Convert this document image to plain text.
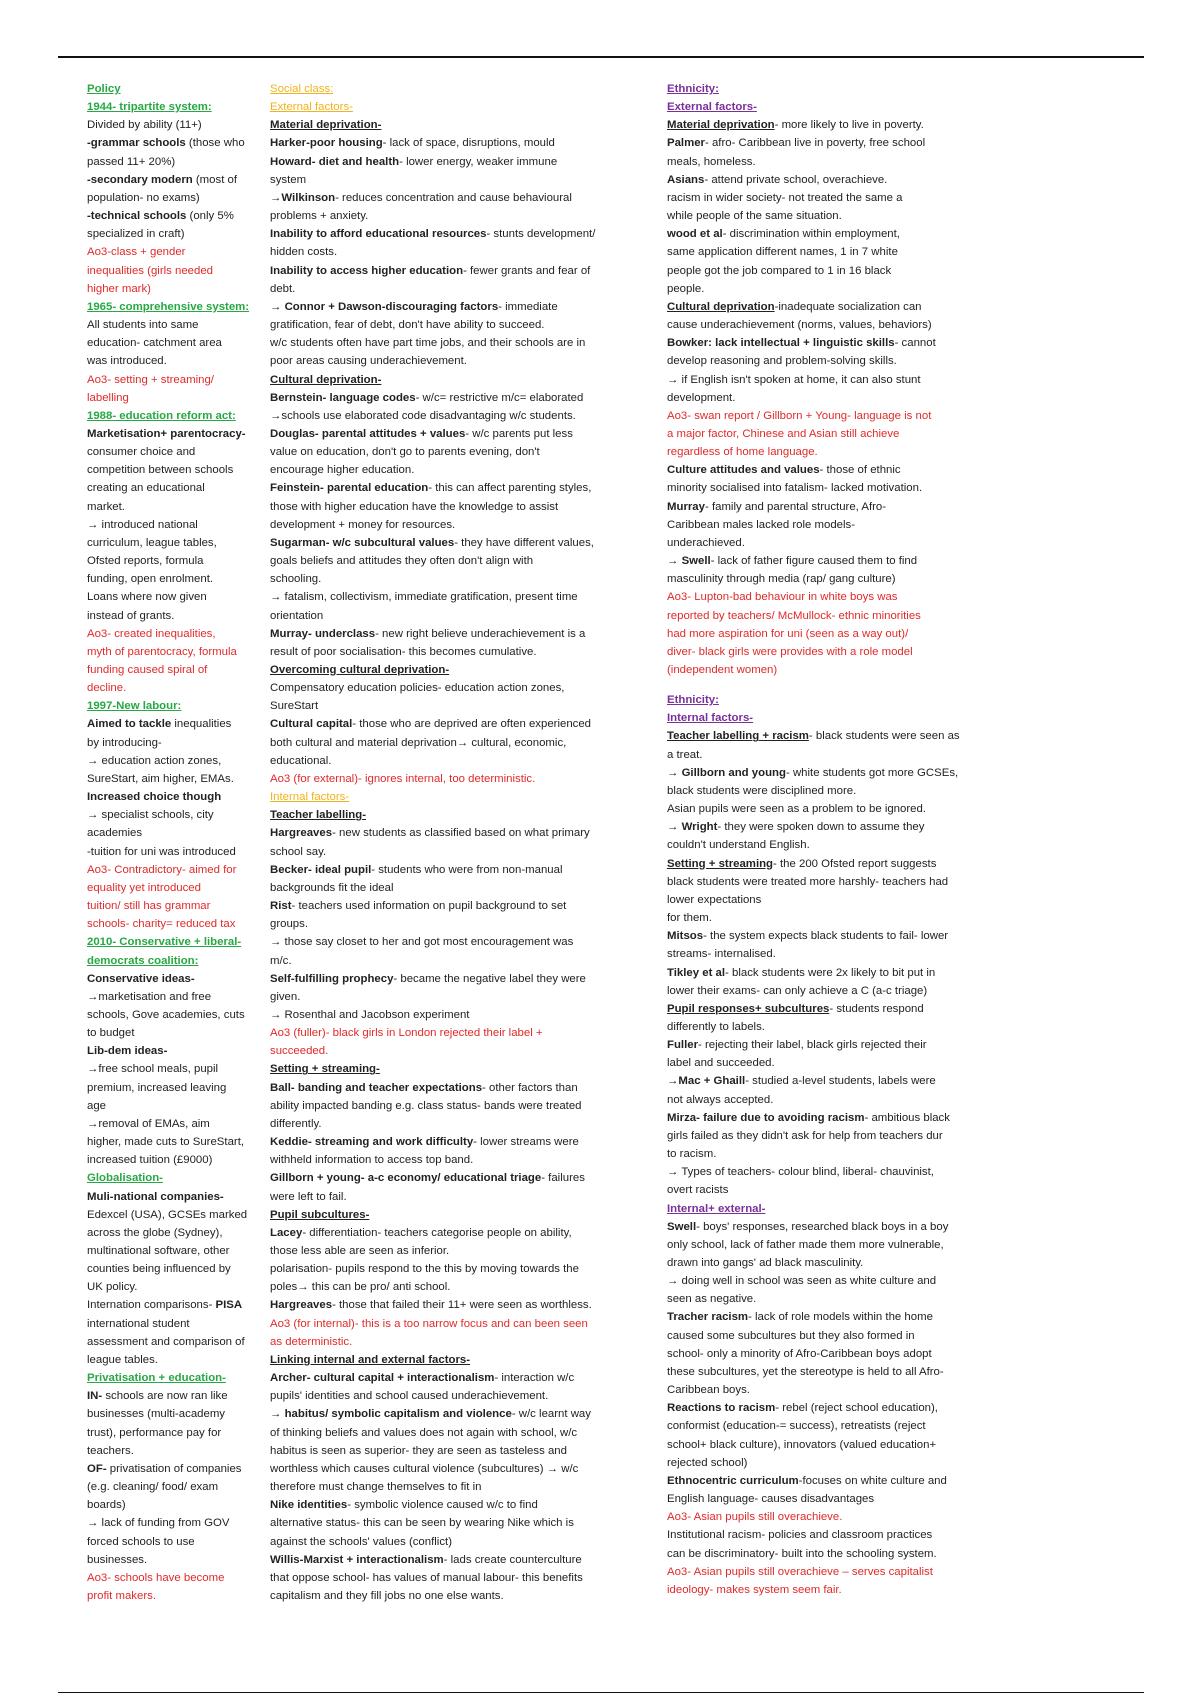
Policy
1944- tripartite system:
Divided by ability (11+)
-grammar schools (those who
passed 11+ 20%)
-secondary modern (most of
population- no exams)
-technical schools (only 5%
specialized in craft)
Ao3-class + gender
inequalities (girls needed
higher mark)
1965- comprehensive system:
All students into same
education- catchment area
was introduced.
Ao3- setting + streaming/
labelling
1988- education reform act:
Marketisation+ parentocracy-
consumer choice and
competition between schools
creating an educational
market.
→ introduced national
curriculum, league tables,
Ofsted reports, formula
funding, open enrolment.
Loans where now given
instead of grants.
Ao3- created inequalities,
myth of parentocracy, formula
funding caused spiral of
decline.
1997-New labour:
Aimed to tackle inequalities
by introducing-
→ education action zones,
SureStart, aim higher, EMAs.
Increased choice though
→ specialist schools, city
academies
-tuition for uni was introduced
Ao3- Contradictory- aimed for
equality yet introduced
tuition/ still has grammar
schools- charity= reduced tax
2010- Conservative + liberal-
democrats coalition:
Conservative ideas-
→marketisation and free
schools, Gove academies, cuts
to budget
Lib-dem ideas-
→free school meals, pupil
premium, increased leaving
age
→removal of EMAs, aim
higher, made cuts to SureStart,
increased tuition (£9000)
Globalisation-
Muli-national companies-
Edexcel (USA), GCSEs marked
across the globe (Sydney),
multinational software, other
counties being influenced by
UK policy.
Internation comparisons- PISA
international student
assessment and comparison of
league tables.
Privatisation + education-
IN- schools are now ran like
businesses (multi-academy
trust), performance pay for
teachers.
OF- privatisation of companies
(e.g. cleaning/ food/ exam
boards)
→ lack of funding from GOV
forced schools to use
businesses.
Ao3- schools have become
profit makers.
Social class:
External factors-
Material deprivation-
Harker-poor housing- lack of space, disruptions, mould
Howard- diet and health- lower energy, weaker immune
system
→Wilkinson- reduces concentration and cause behavioural
problems + anxiety.
Inability to afford educational resources- stunts development/
hidden costs.
Inability to access higher education- fewer grants and fear of
debt.
→ Connor + Dawson-discouraging factors- immediate
gratification, fear of debt, don't have ability to succeed.
w/c students often have part time jobs, and their schools are in
poor areas causing underachievement.
Cultural deprivation-
Bernstein- language codes- w/c= restrictive m/c= elaborated
→schools use elaborated code disadvantaging w/c students.
Douglas- parental attitudes + values- w/c parents put less
value on education, don't go to parents evening, don't
encourage higher education.
Feinstein- parental education- this can affect parenting styles,
those with higher education have the knowledge to assist
development + money for resources.
Sugarman- w/c subcultural values- they have different values,
goals beliefs and attitudes they often don't align with
schooling.
→ fatalism, collectivism, immediate gratification, present time
orientation
Murray- underclass- new right believe underachievement is a
result of poor socialisation- this becomes cumulative.
Overcoming cultural deprivation-
Compensatory education policies- education action zones,
SureStart
Cultural capital- those who are deprived are often experienced
both cultural and material deprivation→ cultural, economic,
educational.
Ao3 (for external)- ignores internal, too deterministic.
Internal factors-
Teacher labelling-
Hargreaves- new students as classified based on what primary
school say.
Becker- ideal pupil- students who were from non-manual
backgrounds fit the ideal
Rist- teachers used information on pupil background to set
groups.
→ those say closet to her and got most encouragement was
m/c.
Self-fulfilling prophecy- became the negative label they were
given.
→ Rosenthal and Jacobson experiment
Ao3 (fuller)- black girls in London rejected their label +
succeeded.
Setting + streaming-
Ball- banding and teacher expectations- other factors than
ability impacted banding e.g. class status- bands were treated
differently.
Keddie- streaming and work difficulty- lower streams were
withheld information to access top band.
Gillborn + young- a-c economy/ educational triage- failures
were left to fail.
Pupil subcultures-
Lacey- differentiation- teachers categorise people on ability,
those less able are seen as inferior.
polarisation- pupils respond to the this by moving towards the
poles→ this can be pro/ anti school.
Hargreaves- those that failed their 11+ were seen as worthless.
Ao3 (for internal)- this is a too narrow focus and can been seen
as deterministic.
Linking internal and external factors-
Archer- cultural capital + interactionalism- interaction w/c
pupils' identities and school caused underachievement.
→ habitus/ symbolic capitalism and violence- w/c learnt way
of thinking beliefs and values does not again with school, w/c
habitus is seen as superior- they are seen as tasteless and
worthless which causes cultural violence (subcultures) → w/c
therefore must change themselves to fit in
Nike identities- symbolic violence caused w/c to find
alternative status- this can be seen by wearing Nike which is
against the schools' values (conflict)
Willis-Marxist + interactionalism- lads create counterculture
that oppose school- has values of manual labour- this benefits
capitalism and they fill jobs no one else wants.
Ethnicity:
External factors-
Material deprivation- more likely to live in poverty.
Palmer- afro- Caribbean live in poverty, free school
meals, homeless.
Asians- attend private school, overachieve.
racism in wider society- not treated the same a
while people of the same situation.
wood et al- discrimination within employment,
same application different names, 1 in 7 white
people got the job compared to 1 in 16 black
people.
Cultural deprivation-inadequate socialization can
cause underachievement (norms, values, behaviors)
Bowker: lack intellectual + linguistic skills- cannot
develop reasoning and problem-solving skills.
→ if English isn't spoken at home, it can also stunt
development.
Ao3- swan report / Gillborn + Young- language is not
a major factor, Chinese and Asian still achieve
regardless of home language.
Culture attitudes and values- those of ethnic
minority socialised into fatalism- lacked motivation.
Murray- family and parental structure, Afro-
Caribbean males lacked role models-
underachieved.
→ Swell- lack of father figure caused them to find
masculinity through media (rap/ gang culture)
Ao3- Lupton-bad behaviour in white boys was
reported by teachers/ McMullock- ethnic minorities
had more aspiration for uni (seen as a way out)/
diver- black girls were provides with a role model
(independent women)
Ethnicity:
Internal factors-
Teacher labelling + racism- black students were seen as
a treat.
→ Gillborn and young- white students got more GCSEs,
black students were disciplined more.
Asian pupils were seen as a problem to be ignored.
→ Wright- they were spoken down to assume they
couldn't understand English.
Setting + streaming- the 200 Ofsted report suggests
black students were treated more harshly- teachers had
lower expectations
for them.
Mitsos- the system expects black students to fail- lower
streams- internalised.
Tikley et al- black students were 2x likely to bit put in
lower their exams- can only achieve a C (a-c triage)
Pupil responses+ subcultures- students respond
differently to labels.
Fuller- rejecting their label, black girls rejected their
label and succeeded.
→Mac + Ghaill- studied a-level students, labels were
not always accepted.
Mirza- failure due to avoiding racism- ambitious black
girls failed as they didn't ask for help from teachers dur
to racism.
→ Types of teachers- colour blind, liberal- chauvinist,
overt racists
Internal+ external-
Swell- boys' responses, researched black boys in a boy
only school, lack of father made them more vulnerable,
drawn into gangs' ad black masculinity.
→ doing well in school was seen as white culture and
seen as negative.
Tracher racism- lack of role models within the home
caused some subcultures but they also formed in
school- only a minority of Afro-Caribbean boys adopt
these subcultures, yet the stereotype is held to all Afro-
Caribbean boys.
Reactions to racism- rebel (reject school education),
conformist (education-= success), retreatists (reject
school+ black culture), innovators (valued education+
rejected school)
Ethnocentric curriculum-focuses on white culture and
English language- causes disadvantages
Ao3- Asian pupils still overachieve.
Institutional racism- policies and classroom practices
can be discriminatory- built into the schooling system.
Ao3- Asian pupils still overachieve – serves capitalist
ideology- makes system seem fair.
